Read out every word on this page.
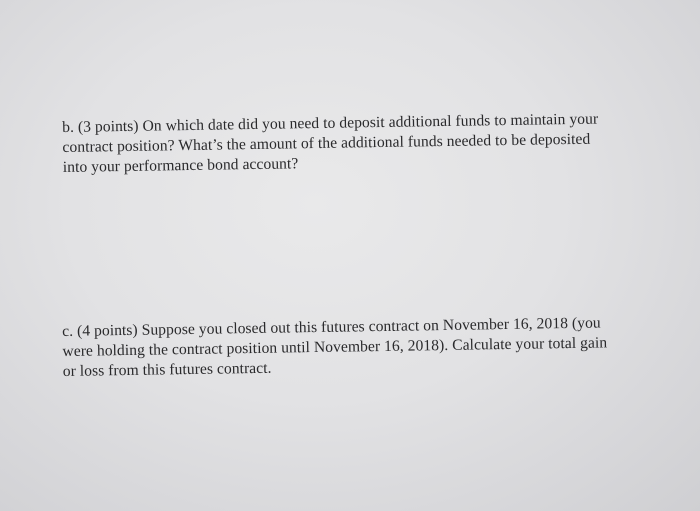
b. (3 points) On which date did you need to deposit additional funds to maintain your
contract position? What’s the amount of the additional funds needed to be deposited
into your performance bond account?
c. (4 points) Suppose you closed out this futures contract on November 16, 2018 (you
were holding the contract position until November 16, 2018). Calculate your total gain
or loss from this futures contract.
